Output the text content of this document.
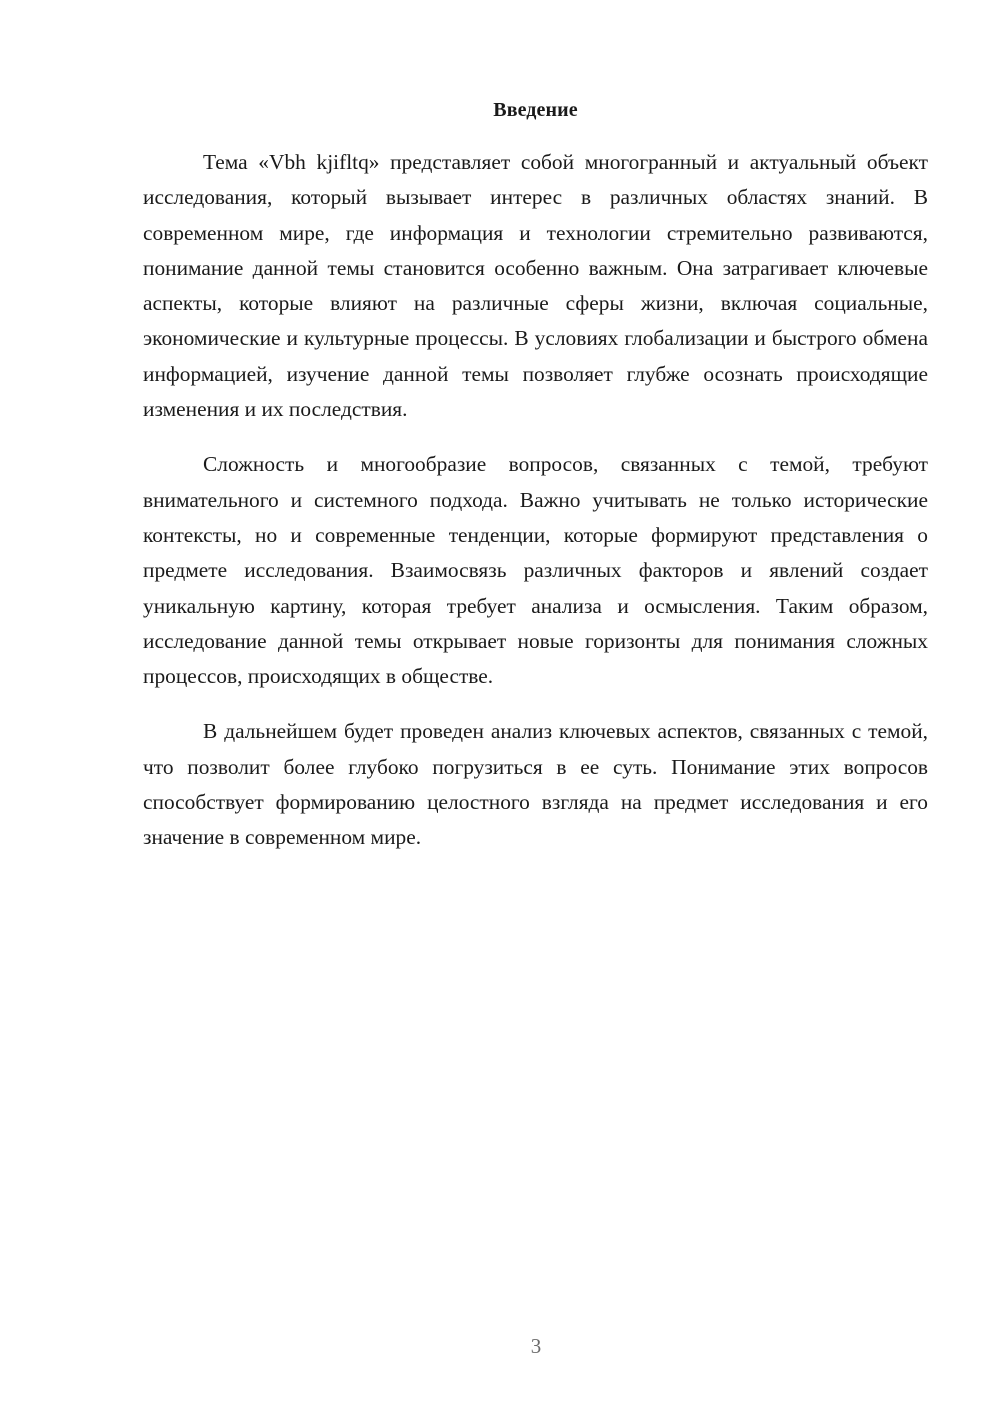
Введение

Тема «Vbh kjifltq» представляет собой многогранный и актуальный объект исследования, который вызывает интерес в различных областях знаний. В современном мире, где информация и технологии стремительно развиваются, понимание данной темы становится особенно важным. Она затрагивает ключевые аспекты, которые влияют на различные сферы жизни, включая социальные, экономические и культурные процессы. В условиях глобализации и быстрого обмена информацией, изучение данной темы позволяет глубже осознать происходящие изменения и их последствия.

Сложность и многообразие вопросов, связанных с темой, требуют внимательного и системного подхода. Важно учитывать не только исторические контексты, но и современные тенденции, которые формируют представления о предмете исследования. Взаимосвязь различных факторов и явлений создает уникальную картину, которая требует анализа и осмысления. Таким образом, исследование данной темы открывает новые горизонты для понимания сложных процессов, происходящих в обществе.

В дальнейшем будет проведен анализ ключевых аспектов, связанных с темой, что позволит более глубоко погрузиться в ее суть. Понимание этих вопросов способствует формированию целостного взгляда на предмет исследования и его значение в современном мире.

3
